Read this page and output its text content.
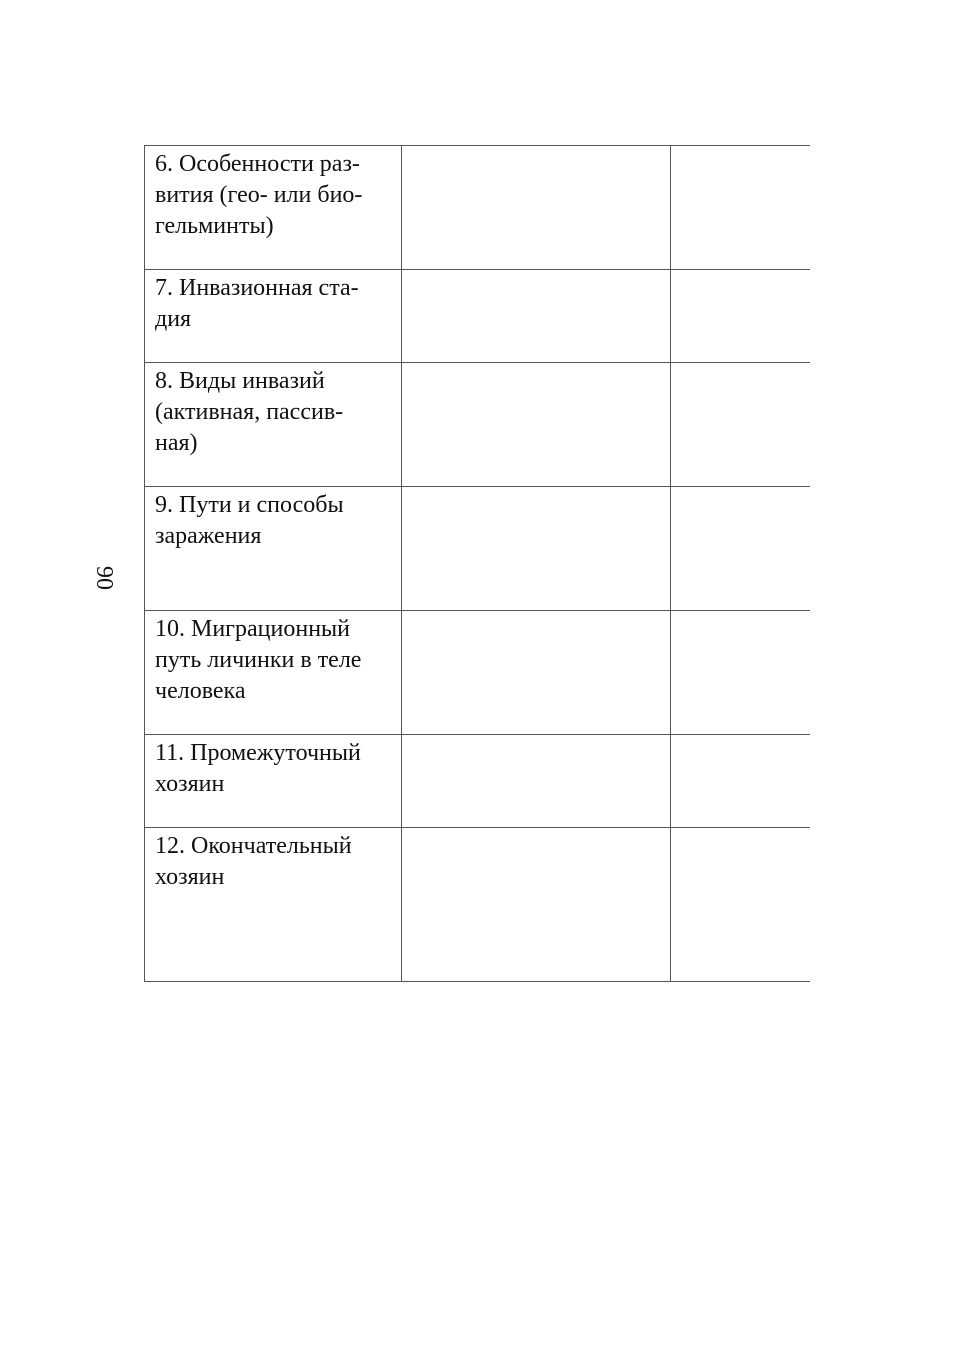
90
6. Особенности раз-
вития (гео- или био-
гельминты)		

7. Инвазионная ста-
дия		

8. Виды инвазий
(активная, пассив-
ная)		

9. Пути и способы
заражения		

10. Миграционный
путь личинки в теле
человека		

11. Промежуточный
хозяин		

12. Окончательный
хозяин		
